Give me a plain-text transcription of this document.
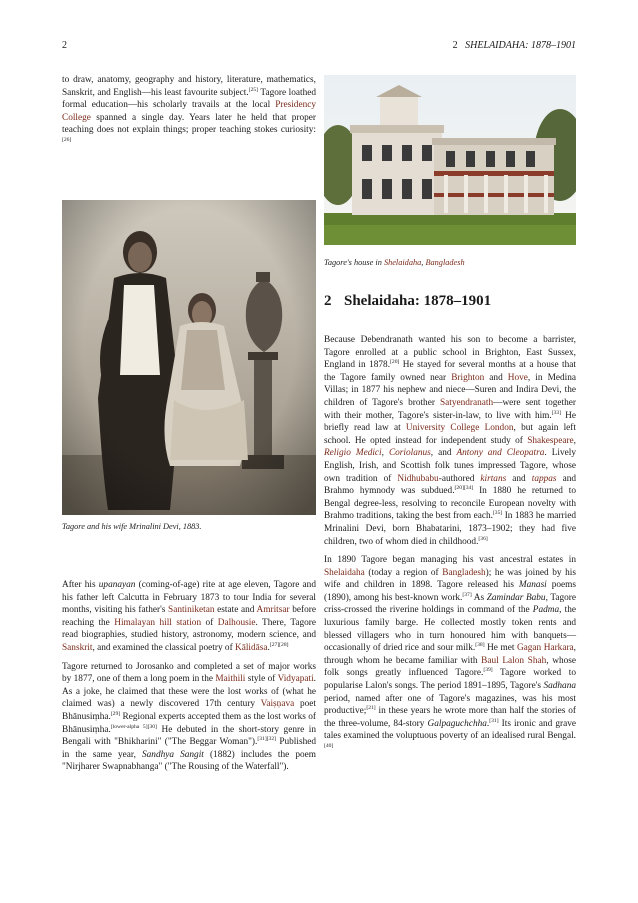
2	2 SHELAIDAHA: 1878–1901

to draw, anatomy, geography and history, literature, mathematics, Sanskrit, and English—his least favourite subject.[25] Tagore loathed formal education—his scholarly travails at the local Presidency College spanned a single day. Years later he held that proper teaching does not explain things; proper teaching stokes curiosity:[26]

Tagore and his wife Mrinalini Devi, 1883.

After his upanayan (coming-of-age) rite at age eleven, Tagore and his father left Calcutta in February 1873 to tour India for several months, visiting his father's Santiniketan estate and Amritsar before reaching the Himalayan hill station of Dalhousie. There, Tagore read biographies, studied history, astronomy, modern science, and Sanskrit, and examined the classical poetry of Kālidāsa.[27][28]

Tagore returned to Jorosanko and completed a set of major works by 1877, one of them a long poem in the Maithili style of Vidyapati. As a joke, he claimed that these were the lost works of (what he claimed was) a newly discovered 17th century Vaiṣṇava poet Bhānusiṃha.[29] Regional experts accepted them as the lost works of Bhānusiṃha.[lower-alpha 5][30] He debuted in the short-story genre in Bengali with "Bhikharini" ("The Beggar Woman").[31][32] Published in the same year, Sandhya Sangit (1882) includes the poem "Nirjharer Swapnabhanga" ("The Rousing of the Waterfall").

Tagore's house in Shelaidaha, Bangladesh
2 Shelaidaha: 1878–1901

Because Debendranath wanted his son to become a barrister, Tagore enrolled at a public school in Brighton, East Sussex, England in 1878.[20] He stayed for several months at a house that the Tagore family owned near Brighton and Hove, in Medina Villas; in 1877 his nephew and niece—Suren and Indira Devi, the children of Tagore's brother Satyendranath—were sent together with their mother, Tagore's sister-in-law, to live with him.[33] He briefly read law at University College London, but again left school. He opted instead for independent study of Shakespeare, Religio Medici, Coriolanus, and Antony and Cleopatra. Lively English, Irish, and Scottish folk tunes impressed Tagore, whose own tradition of Nidhubabu-authored kirtans and tappas and Brahmo hymnody was subdued.[20][34] In 1880 he returned to Bengal degree-less, resolving to reconcile European novelty with Brahmo traditions, taking the best from each.[35] In 1883 he married Mrinalini Devi, born Bhabatarini, 1873–1902; they had five children, two of whom died in childhood.[36]

In 1890 Tagore began managing his vast ancestral estates in Shelaidaha (today a region of Bangladesh); he was joined by his wife and children in 1898. Tagore released his Manasi poems (1890), among his best-known work.[37] As Zamindar Babu, Tagore criss-crossed the riverine holdings in command of the Padma, the luxurious family barge. He collected mostly token rents and blessed villagers who in turn honoured him with banquets—occasionally of dried rice and sour milk.[38] He met Gagan Harkara, through whom he became familiar with Baul Lalon Shah, whose folk songs greatly influenced Tagore.[39] Tagore worked to popularise Lalon's songs. The period 1891–1895, Tagore's Sadhana period, named after one of Tagore's magazines, was his most productive;[21] in these years he wrote more than half the stories of the three-volume, 84-story Galpaguchchha.[31] Its ironic and grave tales examined the voluptuous poverty of an idealised rural Bengal.[40]
